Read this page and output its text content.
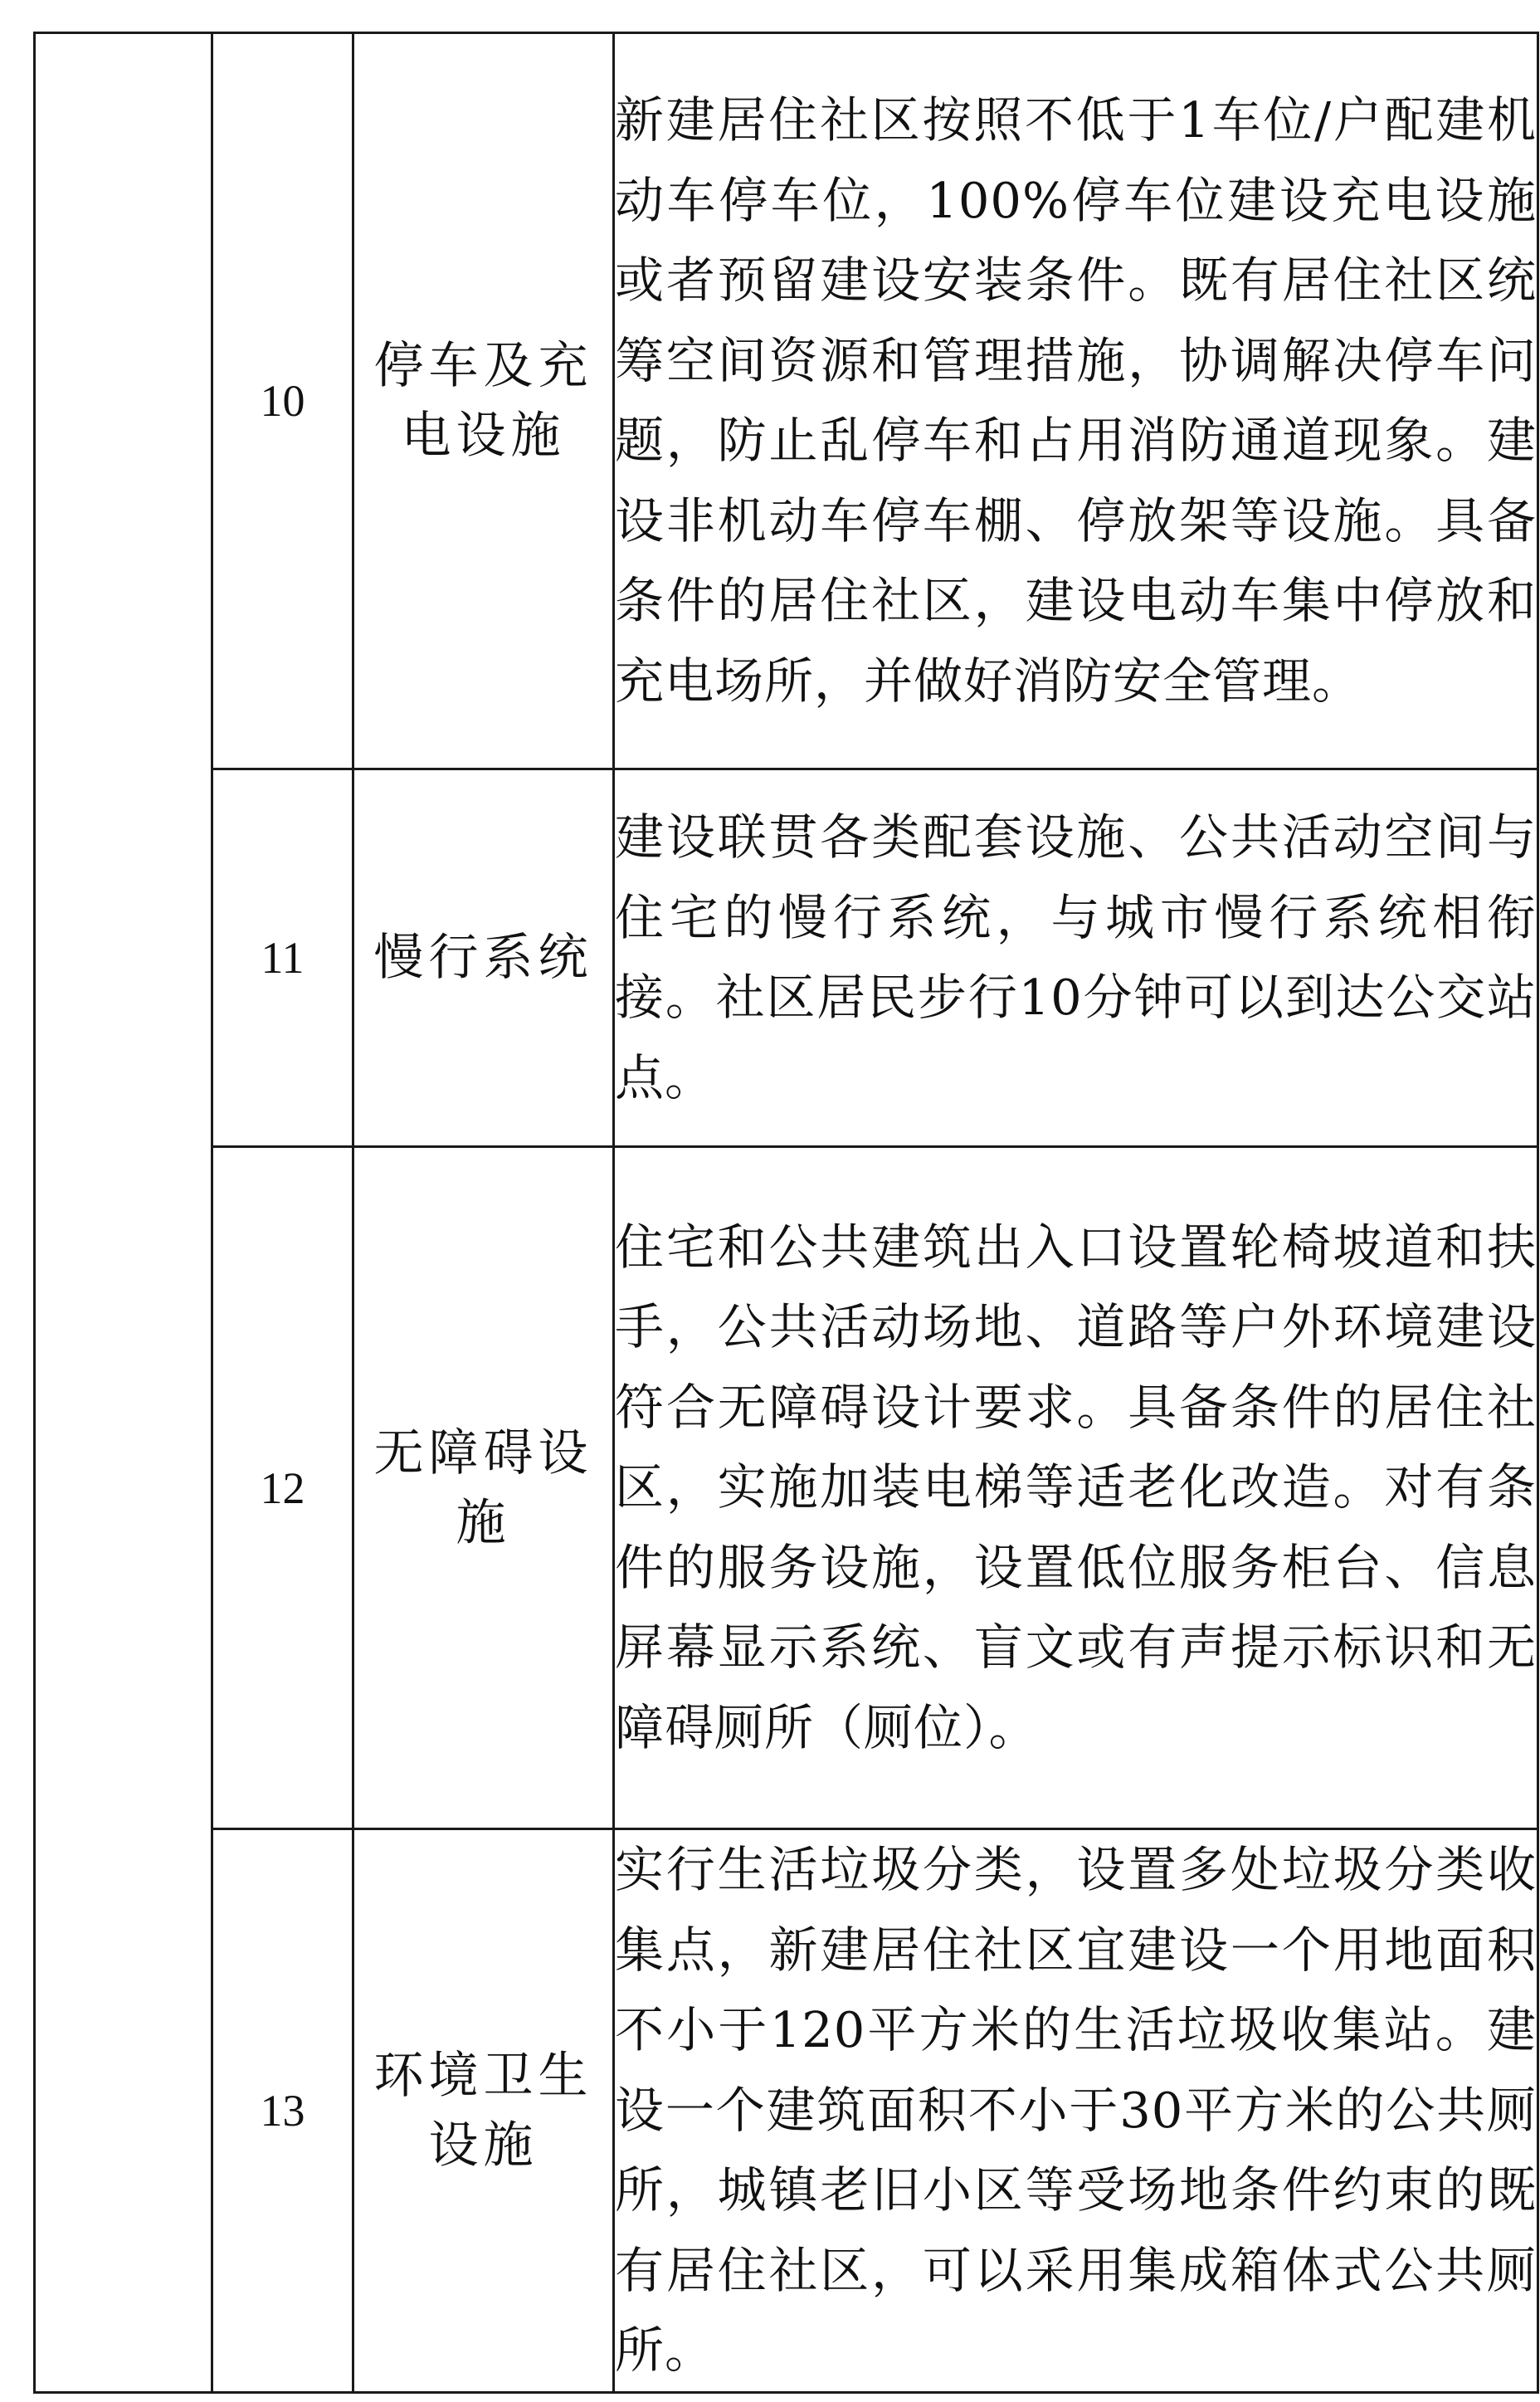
	10	停车及充电设施	新建居住社区按照不低于1车位/户配建机动车停车位，100%停车位建设充电设施或者预留建设安装条件。既有居住社区统筹空间资源和管理措施，协调解决停车问题，防止乱停车和占用消防通道现象。建设非机动车停车棚、停放架等设施。具备条件的居住社区，建设电动车集中停放和充电场所，并做好消防安全管理。
	11	慢行系统	建设联贯各类配套设施、公共活动空间与住宅的慢行系统，与城市慢行系统相衔接。社区居民步行10分钟可以到达公交站点。
	12	无障碍设施	住宅和公共建筑出入口设置轮椅坡道和扶手，公共活动场地、道路等户外环境建设符合无障碍设计要求。具备条件的居住社区，实施加装电梯等适老化改造。对有条件的服务设施，设置低位服务柜台、信息屏幕显示系统、盲文或有声提示标识和无障碍厕所（厕位）。
	13	环境卫生设施	实行生活垃圾分类，设置多处垃圾分类收集点，新建居住社区宜建设一个用地面积不小于120平方米的生活垃圾收集站。建设一个建筑面积不小于30平方米的公共厕所，城镇老旧小区等受场地条件约束的既有居住社区，可以采用集成箱体式公共厕所。
